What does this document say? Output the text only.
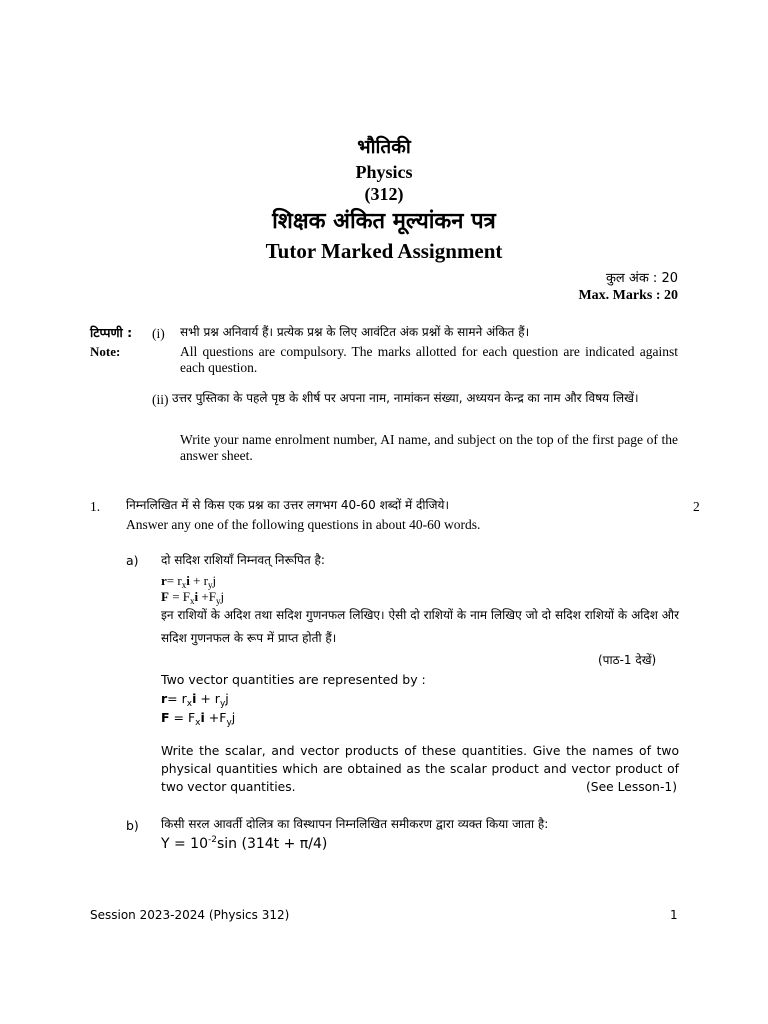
भौतिकी
Physics
(312)
शिक्षक अंकित मूल्यांकन पत्र
Tutor Marked Assignment
कुल अंक : 20
Max. Marks : 20
टिप्पणी :
Note:
(i) सभी प्रश्न अनिवार्य हैं। प्रत्येक प्रश्न के लिए आवंटित अंक प्रश्नों के सामने अंकित हैं।
All questions are compulsory. The marks allotted for each question are indicated against each question.
(ii) उत्तर पुस्तिका के पहले पृष्ठ के शीर्ष पर अपना नाम, नामांकन संख्या, अध्ययन केन्द्र का नाम और विषय लिखें।
Write your name enrolment number, AI name, and subject on the top of the first page of the answer sheet.
1. निम्नलिखित में से किस एक प्रश्न का उत्तर लगभग 40-60 शब्दों में दीजिये।	2
Answer any one of the following questions in about 40-60 words.
a) दो सदिश राशियाँ निम्नवत् निरूपित है:
$r= r_xi + r_yj$
$F = F_xi +F_yj$
इन राशियों के अदिश तथा सदिश गुणनफल लिखिए। ऐसी दो राशियों के नाम लिखिए जो दो सदिश राशियों के अदिश और सदिश गुणनफल के रूप में प्राप्त होती हैं।
(पाठ-1 देखें)
Two vector quantities are represented by :
$r= r_xi + r_yj$
$F = F_xi +F_yj$
Write the scalar, and vector products of these quantities. Give the names of two physical quantities which are obtained as the scalar product and vector product of two vector quantities.	(See Lesson-1)
b) किसी सरल आवर्ती दोलित्र का विस्थापन निम्नलिखित समीकरण द्वारा व्यक्त किया जाता है:
$Y = 10^{-2}\sin$ (314t + π/4)
Session 2023-2024 (Physics 312)	1
